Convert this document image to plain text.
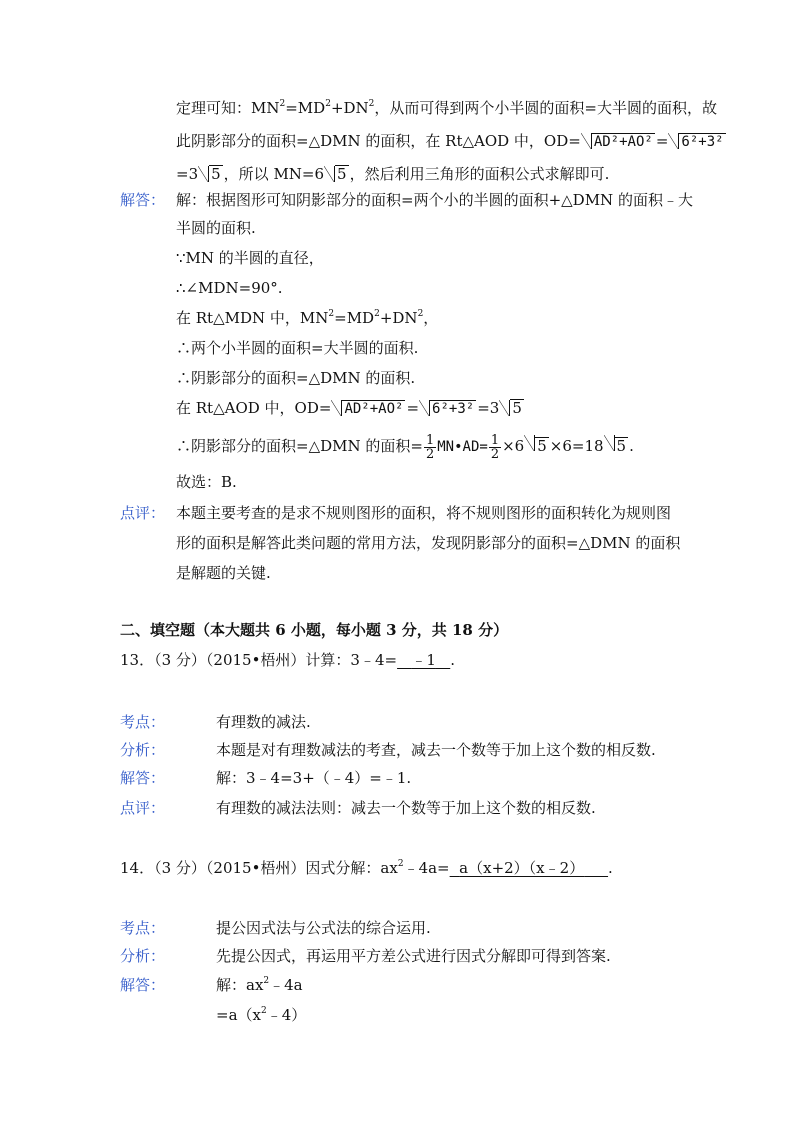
定理可知：$MN^2=MD^2+DN^2$，从而可得到两个小半圆的面积=大半圆的面积，故
此阴影部分的面积=△DMN 的面积，在 Rt△AOD 中，OD= AD²+AO² = 6²+3²
=3 5 ，所以 MN=6 5 ，然后利用三角形的面积公式求解即可.
解答： 解：根据图形可知阴影部分的面积=两个小的半圆的面积+△DMN 的面积﹣大
半圆的面积.
∵MN 的半圆的直径，
∴∠MDN=90°.
在 Rt△MDN 中，$MN^2=MD^2+DN^2$，
∴两个小半圆的面积=大半圆的面积.
∴阴影部分的面积=△DMN 的面积.
在 Rt△AOD 中，OD= AD²+AO² = 6²+3² =3 5
∴阴影部分的面积=△DMN 的面积= $\frac{1}{2}$ MN•AD= $\frac{1}{2} \times 6$ 5 ×6=18 5 .
故选：B.
点评： 本题主要考查的是求不规则图形的面积，将不规则图形的面积转化为规则图
形的面积是解答此类问题的常用方法，发现阴影部分的面积=△DMN 的面积
是解题的关键.
二、填空题（本大题共 6 小题，每小题 3 分，共 18 分）
13．（3 分）（2015•梧州）计算：3﹣4= ﹣1 .
考点：	有理数的减法.
分析：	本题是对有理数减法的考查，减去一个数等于加上这个数的相反数.
解答：	解：3﹣4=3+（﹣4）=﹣1.
点评：	有理数的减法法则：减去一个数等于加上这个数的相反数.
14．（3 分）（2015•梧州）因式分解：$ax^2﹣4a=$ a（x+2）（x﹣2） .
考点：	提公因式法与公式法的综合运用.
分析：	先提公因式，再运用平方差公式进行因式分解即可得到答案.
解答：	解：$ax^2﹣4a$
$=a(x^2﹣4)$
